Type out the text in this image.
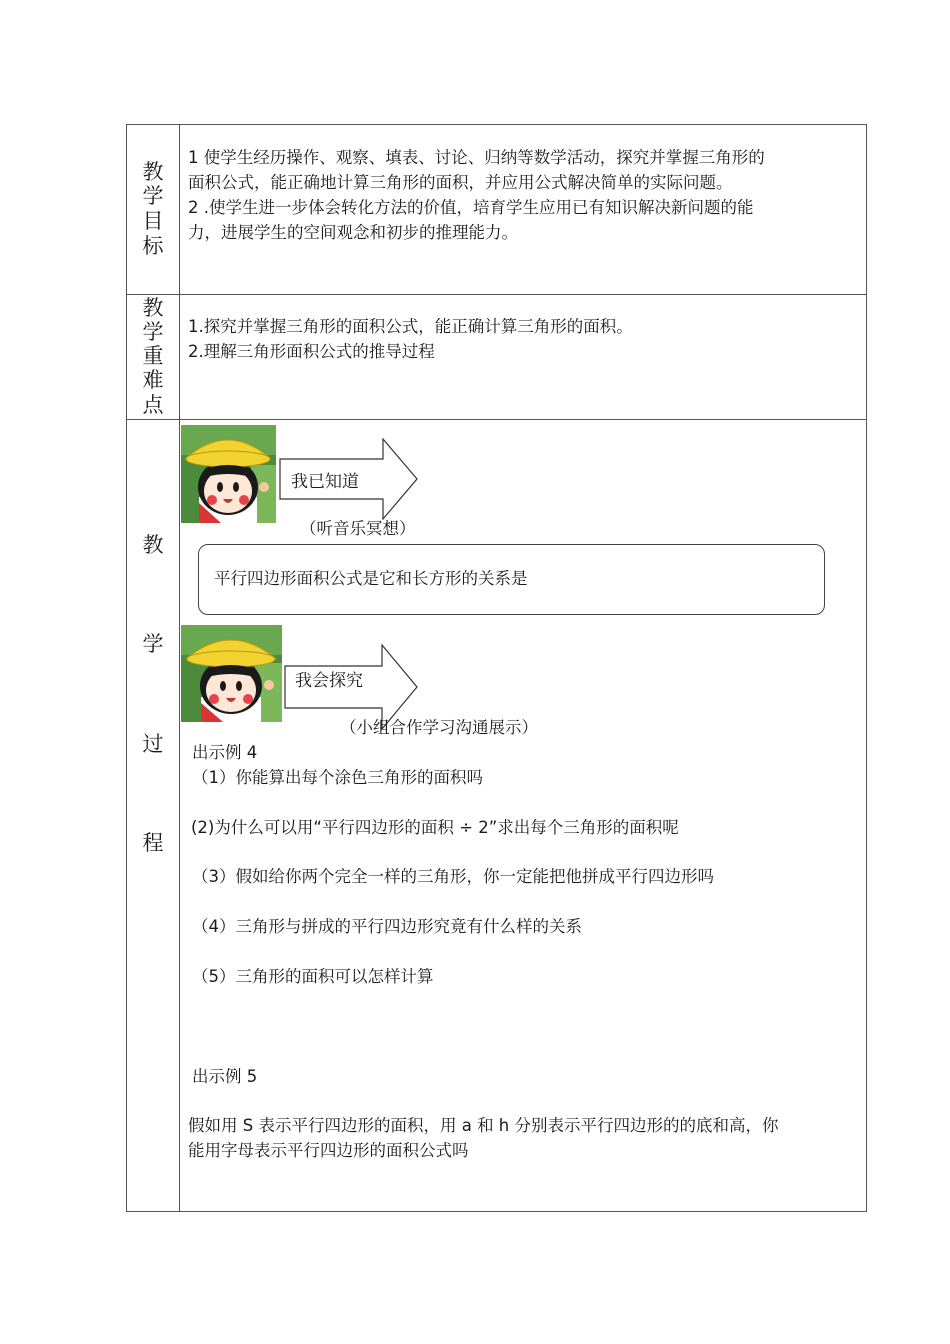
教
学
目
标
1 使学生经历操作、观察、填表、讨论、归纳等数学活动，探究并掌握三角形的
面积公式，能正确地计算三角形的面积，并应用公式解决简单的实际问题。
2 .使学生进一步体会转化方法的价值，培育学生应用已有知识解决新问题的能
力，进展学生的空间观念和初步的推理能力。
教
学
重
难
点
1.探究并掌握三角形的面积公式，能正确计算三角形的面积。
2.理解三角形面积公式的推导过程
教
学
过
程
我已知道
（听音乐冥想）
平行四边形面积公式是它和长方形的关系是
我会探究
（小组合作学习沟通展示）
出示例 4
（1）你能算出每个涂色三角形的面积吗
(2)为什么可以用“平行四边形的面积 ÷ 2”求出每个三角形的面积呢
（3）假如给你两个完全一样的三角形，你一定能把他拼成平行四边形吗
（4）三角形与拼成的平行四边形究竟有什么样的关系
（5）三角形的面积可以怎样计算
出示例 5
假如用 S 表示平行四边形的面积，用 a 和 h 分别表示平行四边形的的底和高，你
能用字母表示平行四边形的面积公式吗
